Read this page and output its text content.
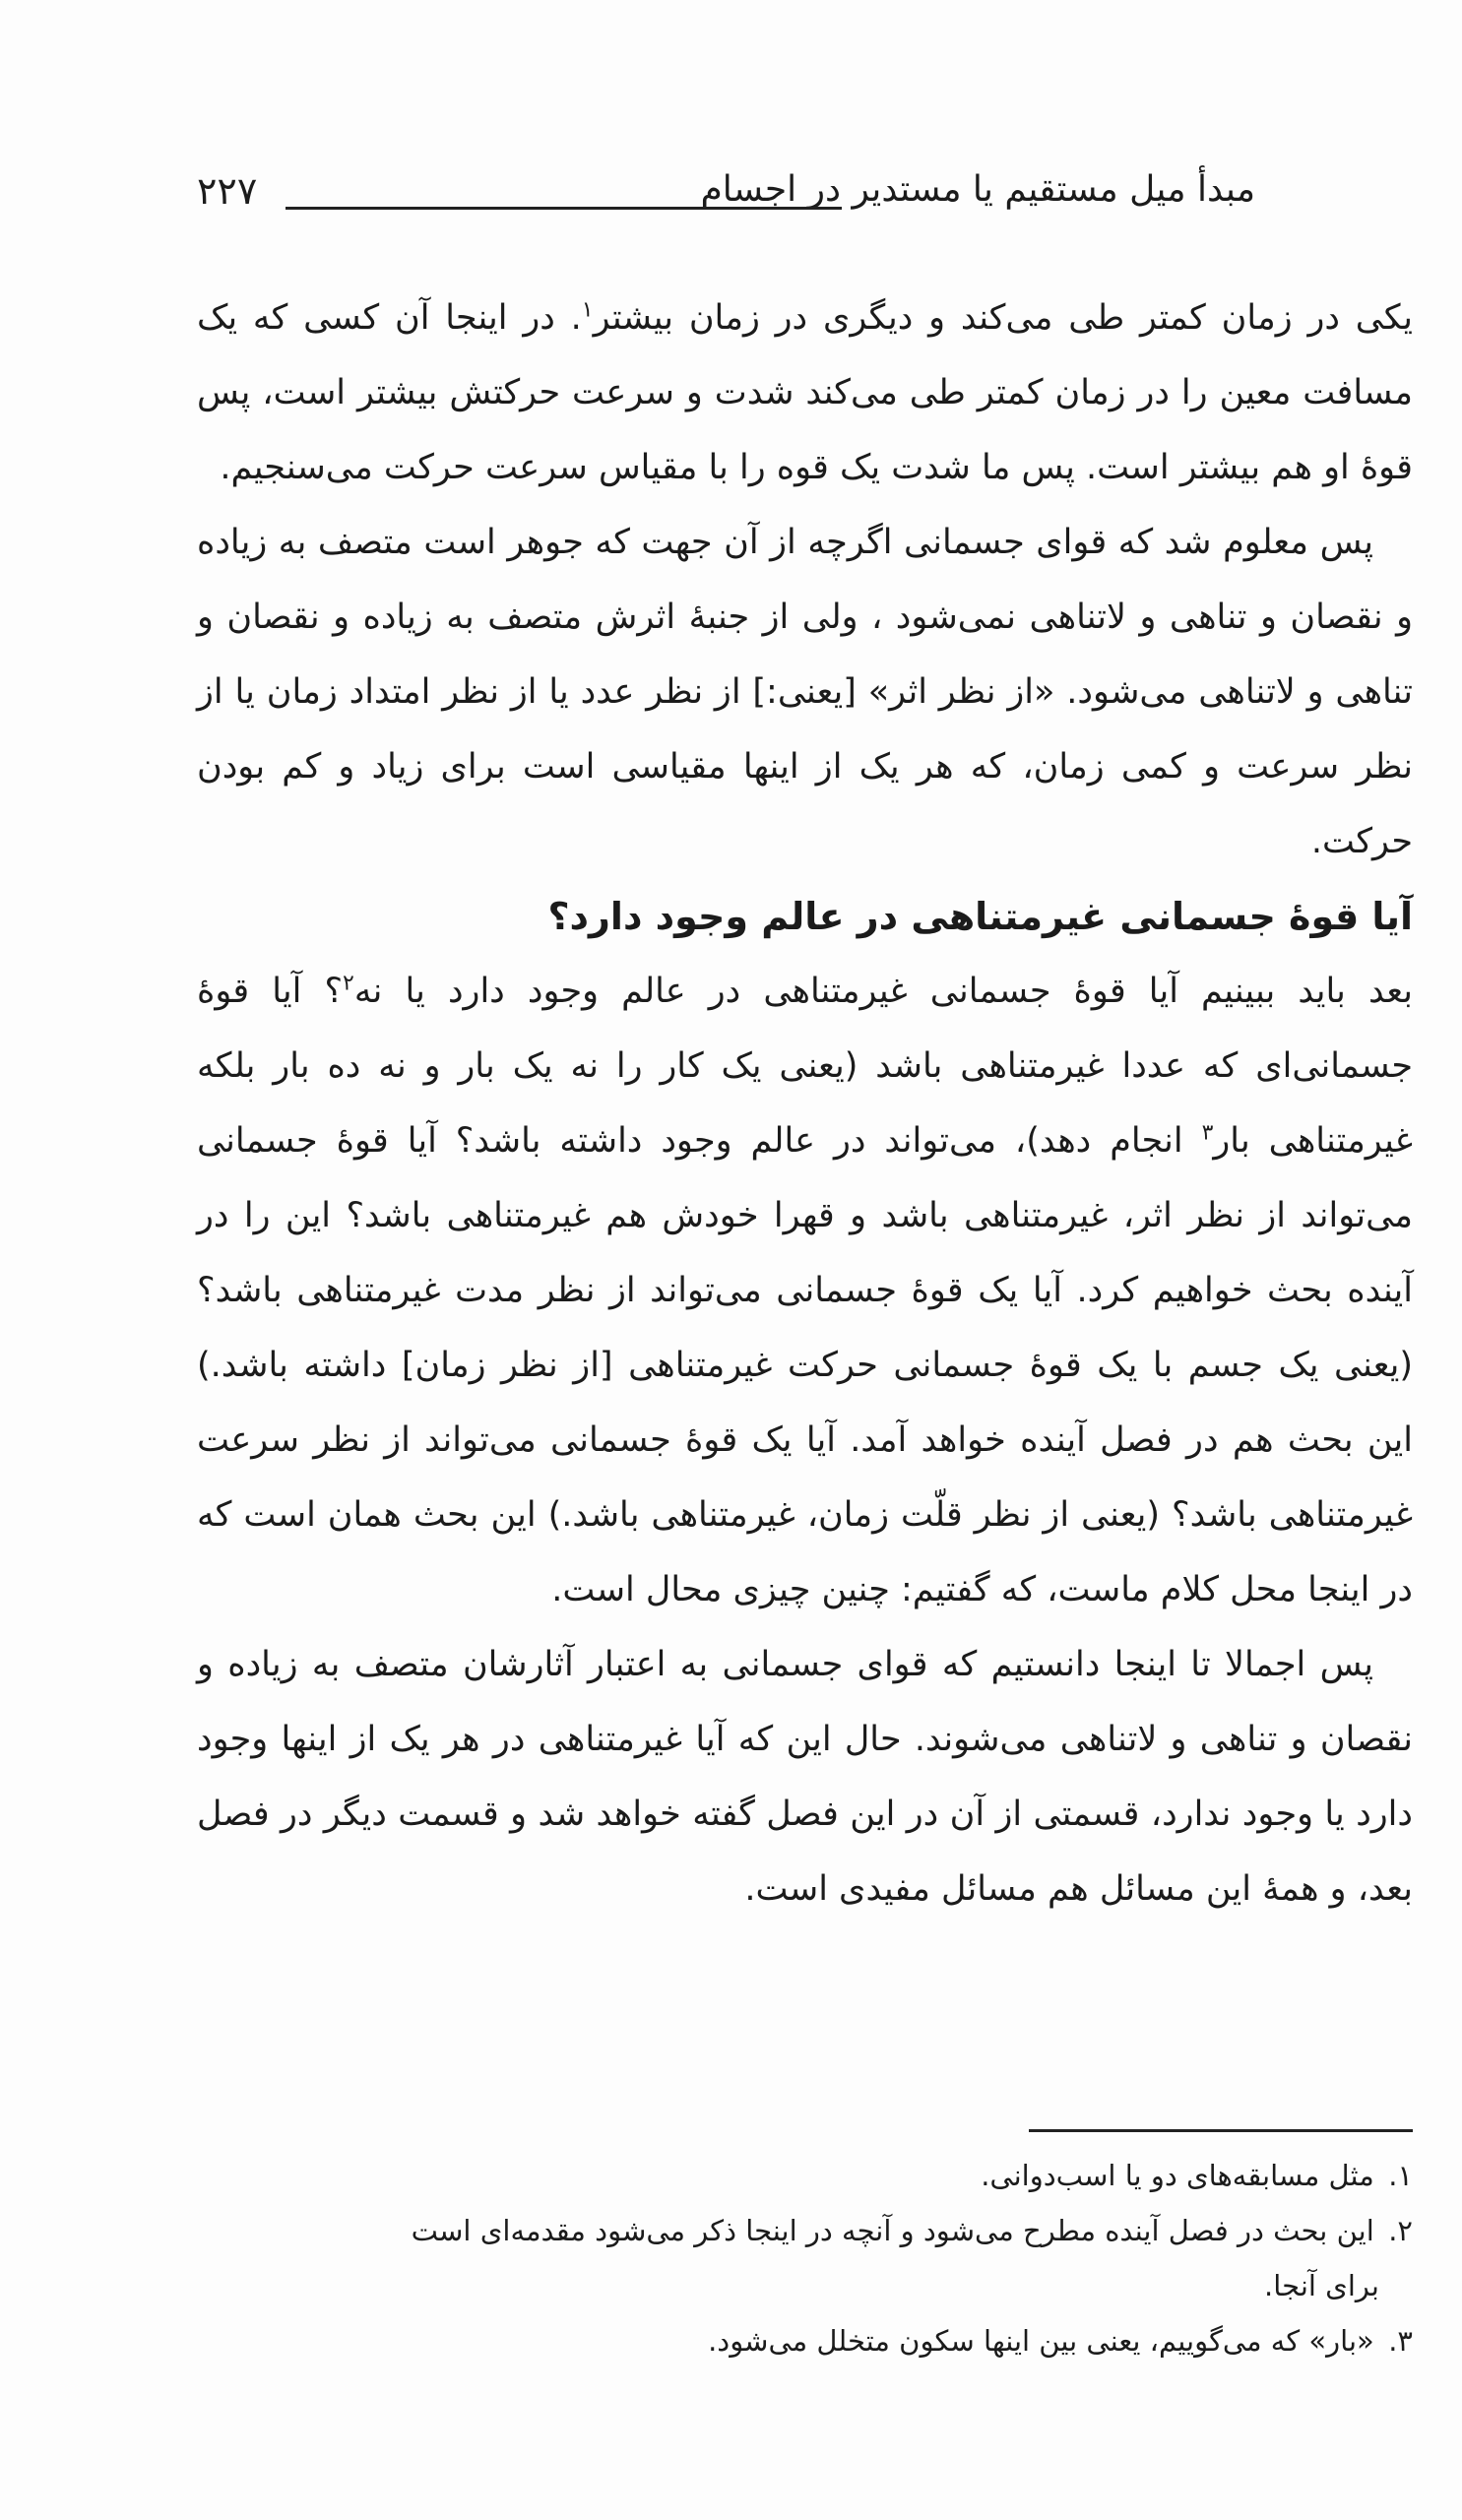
مبدأ میل مستقیم یا مستدیر در اجسام
۲۲۷

یکی در زمان کمتر طی می‌کند و دیگری در زمان بیشتر$^۱$. در اینجا آن کسی که یک مسافت معین را در زمان کمتر طی می‌کند شدت و سرعت حرکتش بیشتر است، پس قوهٔ او هم بیشتر است. پس ما شدت یک قوه را با مقیاس سرعت حرکت می‌سنجیم.

پس معلوم شد که قوای جسمانی اگرچه از آن جهت که جوهر است متصف به زیاده و نقصان و تناهی و لاتناهی نمی‌شود ، ولی از جنبهٔ اثرش متصف به زیاده و نقصان و تناهی و لاتناهی می‌شود. «از نظر اثر» [یعنی:] از نظر عدد یا از نظر امتداد زمان یا از نظر سرعت و کمی زمان، که هر یک از اینها مقیاسی است برای زیاد و کم بودن حرکت.

آیا قوهٔ جسمانی غیرمتناهی در عالم وجود دارد؟

بعد باید ببینیم آیا قوهٔ جسمانی غیرمتناهی در عالم وجود دارد یا نه$^۲$؟ آیا قوهٔ جسمانی‌ای که عددا غیرمتناهی باشد (یعنی یک کار را نه یک بار و نه ده بار بلکه غیرمتناهی بار$^۳$ انجام دهد)، می‌تواند در عالم وجود داشته باشد؟ آیا قوهٔ جسمانی می‌تواند از نظر اثر، غیرمتناهی باشد و قهرا خودش هم غیرمتناهی باشد؟ این را در آینده بحث خواهیم کرد. آیا یک قوهٔ جسمانی می‌تواند از نظر مدت غیرمتناهی باشد؟ (یعنی یک جسم با یک قوهٔ جسمانی حرکت غیرمتناهی [از نظر زمان] داشته باشد.) این بحث هم در فصل آینده خواهد آمد. آیا یک قوهٔ جسمانی می‌تواند از نظر سرعت غیرمتناهی باشد؟ (یعنی از نظر قلّت زمان، غیرمتناهی باشد.) این بحث همان است که در اینجا محل کلام ماست، که گفتیم: چنین چیزی محال است.

پس اجمالا تا اینجا دانستیم که قوای جسمانی به اعتبار آثارشان متصف به زیاده و نقصان و تناهی و لاتناهی می‌شوند. حال این که آیا غیرمتناهی در هر یک از اینها وجود دارد یا وجود ندارد، قسمتی از آن در این فصل گفته خواهد شد و قسمت دیگر در فصل بعد، و همهٔ این مسائل هم مسائل مفیدی است.

۱. مثل مسابقه‌های دو یا اسب‌دوانی.

۲. این بحث در فصل آینده مطرح می‌شود و آنچه در اینجا ذکر می‌شود مقدمه‌ای است

برای آنجا.

۳. «بار» که می‌گوییم، یعنی بین اینها سکون متخلل می‌شود.
